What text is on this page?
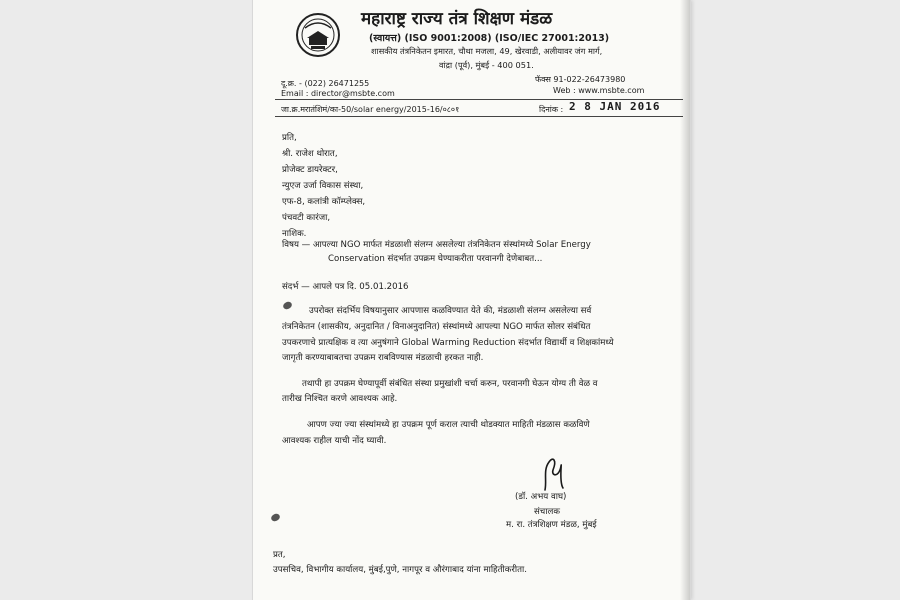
महाराष्ट्र राज्य तंत्र शिक्षण मंडळ
(स्वायत्त) (ISO 9001:2008) (ISO/IEC 27001:2013)
शासकीय तंत्रनिकेतन इमारत, चौथा मजला, 49, खेरवाडी, अलीयावर जंग मार्ग,
वांद्रा (पूर्व), मुंबई - 400 051.
दू.क्र. - (022) 26471255
Email : director@msbte.com
फॅक्स 91-022-26473980
Web : www.msbte.com
जा.क्र.मरातंशिमं/का-50/solar energy/2015-16/०८०१	दिनांक : 2 8 JAN 2016
प्रति,
श्री. राजेश थोरात,
प्रोजेक्ट डायरेक्टर,
न्युएज उर्जा विकास संस्था,
एफ-8, कलांत्री कॉम्प्लेक्स,
पंचवटी कारंजा,
नाशिक.
विषय — आपल्या NGO मार्फत मंडळाशी संलग्न असलेल्या तंत्रनिकेतन संस्थांमध्ये Solar Energy
Conservation संदर्भात उपक्रम घेण्याकरीता परवानगी देणेबाबत...
संदर्भ — आपले पत्र दि. 05.01.2016
उपरोक्त संदर्भिय विषयानुसार आपणास कळविण्यात येते की, मंडळाशी संलग्न असलेल्या सर्व
तंत्रनिकेतन (शासकीय, अनुदानित / विनाअनुदानित) संस्थांमध्ये आपल्या NGO मार्फत सोलर संबंधित
उपकरणाचे प्रात्यक्षिक व त्या अनुषंगाने Global Warming Reduction संदर्भात विद्यार्थी व शिक्षकांमध्ये
जागृती करण्याबाबतचा उपक्रम राबविण्यास मंडळाची हरकत नाही.
तथापी हा उपक्रम घेण्यापूर्वी संबंधित संस्था प्रमुखांशी चर्चा करुन, परवानगी घेऊन योग्य ती वेळ व
तारीख निश्चित करणे आवश्यक आहे.
आपण ज्या ज्या संस्थांमध्ये हा उपक्रम पूर्ण कराल त्याची थोडक्यात माहिती मंडळास कळविणे
आवश्यक राहील याची नोंद घ्यावी.
(डॉ. अभय वाघ)
संचालक
म. रा. तंत्रशिक्षण मंडळ, मुंबई
प्रत,
उपसचिव, विभागीय कार्यालय, मुंबई,पुणे, नागपूर व औरंगाबाद यांना माहितीकरीता.
